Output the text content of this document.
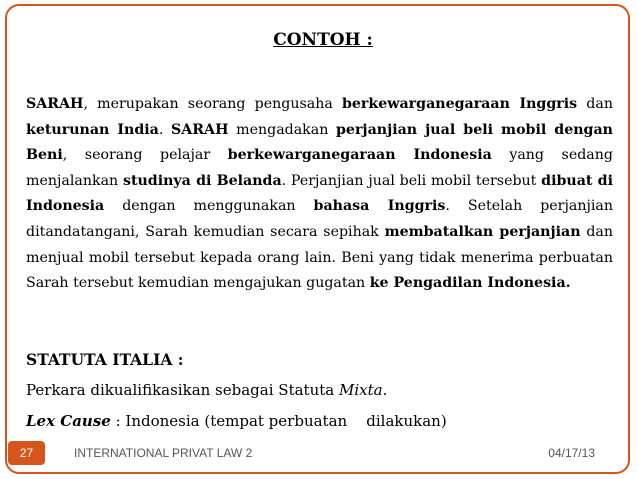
CONTOH :
SARAH, merupakan seorang pengusaha berkewarganegaraan Inggris dan keturunan India. SARAH mengadakan perjanjian jual beli mobil dengan Beni, seorang pelajar berkewarganegaraan Indonesia yang sedang menjalankan studinya di Belanda. Perjanjian jual beli mobil tersebut dibuat di Indonesia dengan menggunakan bahasa Inggris. Setelah perjanjian ditandatangani, Sarah kemudian secara sepihak membatalkan perjanjian dan menjual mobil tersebut kepada orang lain. Beni yang tidak menerima perbuatan Sarah tersebut kemudian mengajukan gugatan ke Pengadilan Indonesia.
STATUTA ITALIA :
Perkara dikualifikasikan sebagai Statuta Mixta.
Lex Cause : Indonesia (tempat perbuatan    dilakukan)
27	INTERNATIONAL PRIVAT LAW 2	04/17/13
